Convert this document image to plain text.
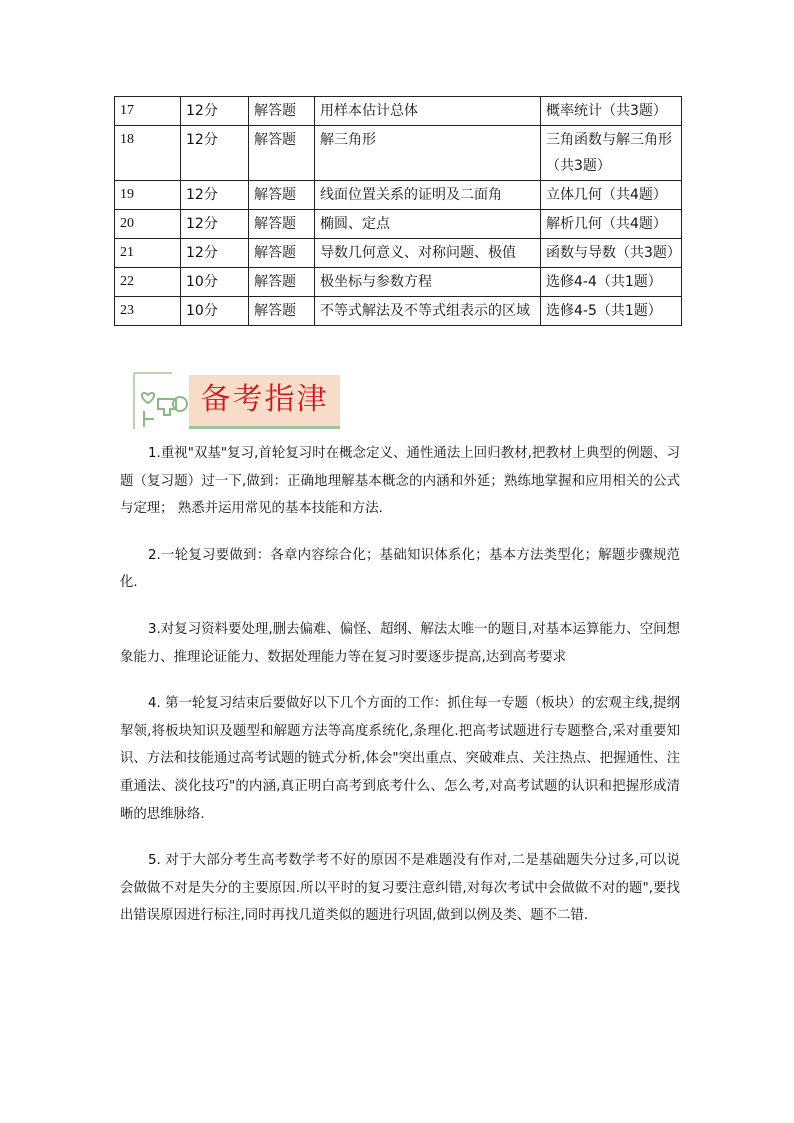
17	12分	解答题	用样本估计总体	概率统计（共3题）
18	12分	解答题	解三角形	三角函数与解三角形（共3题）
19	12分	解答题	线面位置关系的证明及二面角	立体几何（共4题）
20	12分	解答题	椭圆、定点	解析几何（共4题）
21	12分	解答题	导数几何意义、对称问题、极值	函数与导数（共3题）
22	10分	解答题	极坐标与参数方程	选修4-4（共1题）
23	10分	解答题	不等式解法及不等式组表示的区域	选修4-5（共1题）
备考指津

1.重视"双基"复习,首轮复习时在概念定义、通性通法上回归教材,把教材上典型的例题、习题（复习题）过一下,做到：正确地理解基本概念的内涵和外延；熟练地掌握和应用相关的公式与定理； 熟悉并运用常见的基本技能和方法.

2.一轮复习要做到：各章内容综合化；基础知识体系化；基本方法类型化；解题步骤规范化.

3.对复习资料要处理,删去偏难、偏怪、超纲、解法太唯一的题目,对基本运算能力、空间想象能力、推理论证能力、数据处理能力等在复习时要逐步提高,达到高考要求

4. 第一轮复习结束后要做好以下几个方面的工作：抓住每一专题（板块）的宏观主线,提纲挈领,将板块知识及题型和解题方法等高度系统化,条理化.把高考试题进行专题整合,采对重要知识、方法和技能通过高考试题的链式分析,体会"突出重点、突破难点、关注热点、把握通性、注重通法、淡化技巧"的内涵,真正明白高考到底考什么、怎么考,对高考试题的认识和把握形成清晰的思维脉络.

5. 对于大部分考生高考数学考不好的原因不是难题没有作对,二是基础题失分过多,可以说会做做不对是失分的主要原因.所以平时的复习要注意纠错,对每次考试中会做做不对的题",要找出错误原因进行标注,同时再找几道类似的题进行巩固,做到以例及类、题不二错.
